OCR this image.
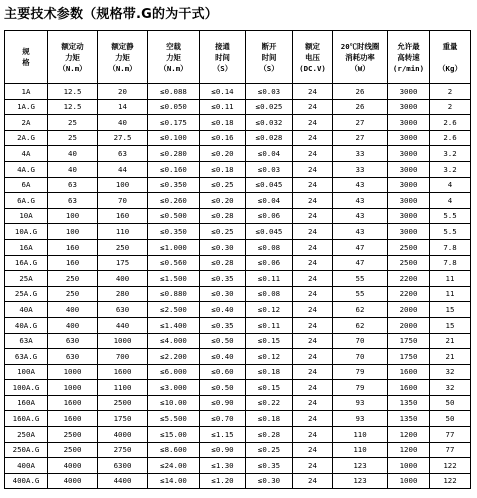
主要技术参数（规格带.G的为干式）
规
格	额定动
力矩
（N.m）	额定静
力矩
（N.m）	空载
力矩
（N.m）	接通
时间
（S）	断开
时间
（S）	额定
电压
(DC.V)	20℃时线圈
消耗功率
（W）	允许最
高转速
(r/min)	重量

（Kg）

1A	12.5	20	≤0.088	≤0.14	≤0.03	24	26	3000	2
1A.G	12.5	14	≤0.050	≤0.11	≤0.025	24	26	3000	2
2A	25	40	≤0.175	≤0.18	≤0.032	24	27	3000	2.6
2A.G	25	27.5	≤0.100	≤0.16	≤0.028	24	27	3000	2.6
4A	40	63	≤0.280	≤0.20	≤0.04	24	33	3000	3.2
4A.G	40	44	≤0.160	≤0.18	≤0.03	24	33	3000	3.2
6A	63	100	≤0.350	≤0.25	≤0.045	24	43	3000	4
6A.G	63	70	≤0.260	≤0.20	≤0.04	24	43	3000	4
10A	100	160	≤0.500	≤0.28	≤0.06	24	43	3000	5.5
10A.G	100	110	≤0.350	≤0.25	≤0.045	24	43	3000	5.5
16A	160	250	≤1.000	≤0.30	≤0.08	24	47	2500	7.8
16A.G	160	175	≤0.560	≤0.28	≤0.06	24	47	2500	7.8
25A	250	400	≤1.500	≤0.35	≤0.11	24	55	2200	11
25A.G	250	280	≤0.880	≤0.30	≤0.08	24	55	2200	11
40A	400	630	≤2.500	≤0.40	≤0.12	24	62	2000	15
40A.G	400	440	≤1.400	≤0.35	≤0.11	24	62	2000	15
63A	630	1000	≤4.000	≤0.50	≤0.15	24	70	1750	21
63A.G	630	700	≤2.200	≤0.40	≤0.12	24	70	1750	21
100A	1000	1600	≤6.000	≤0.60	≤0.18	24	79	1600	32
100A.G	1000	1100	≤3.000	≤0.50	≤0.15	24	79	1600	32
160A	1600	2500	≤10.00	≤0.90	≤0.22	24	93	1350	50
160A.G	1600	1750	≤5.500	≤0.70	≤0.18	24	93	1350	50
250A	2500	4000	≤15.00	≤1.15	≤0.28	24	110	1200	77
250A.G	2500	2750	≤8.600	≤0.90	≤0.25	24	110	1200	77
400A	4000	6300	≤24.00	≤1.30	≤0.35	24	123	1000	122
400A.G	4000	4400	≤14.00	≤1.20	≤0.30	24	123	1000	122
